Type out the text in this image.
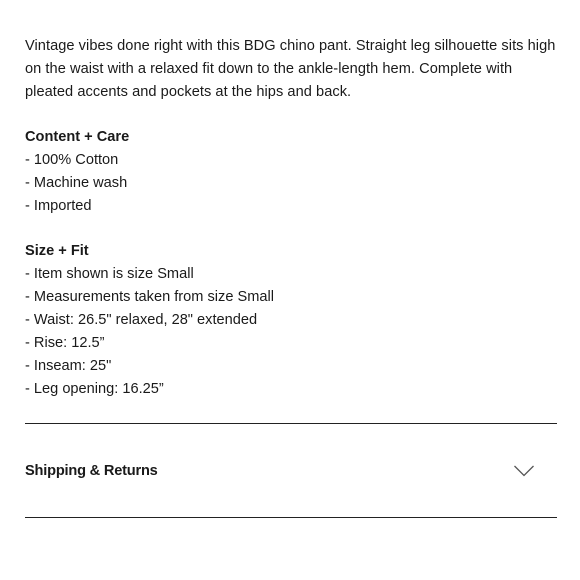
Vintage vibes done right with this BDG chino pant. Straight leg silhouette sits high on the waist with a relaxed fit down to the ankle-length hem. Complete with pleated accents and pockets at the hips and back.

Content + Care

- 100% Cotton
- Machine wash
- Imported

Size + Fit

- Item shown is size Small
- Measurements taken from size Small
- Waist: 26.5" relaxed, 28" extended
- Rise: 12.5”
- Inseam: 25"
- Leg opening: 16.25”
Shipping & Returns
